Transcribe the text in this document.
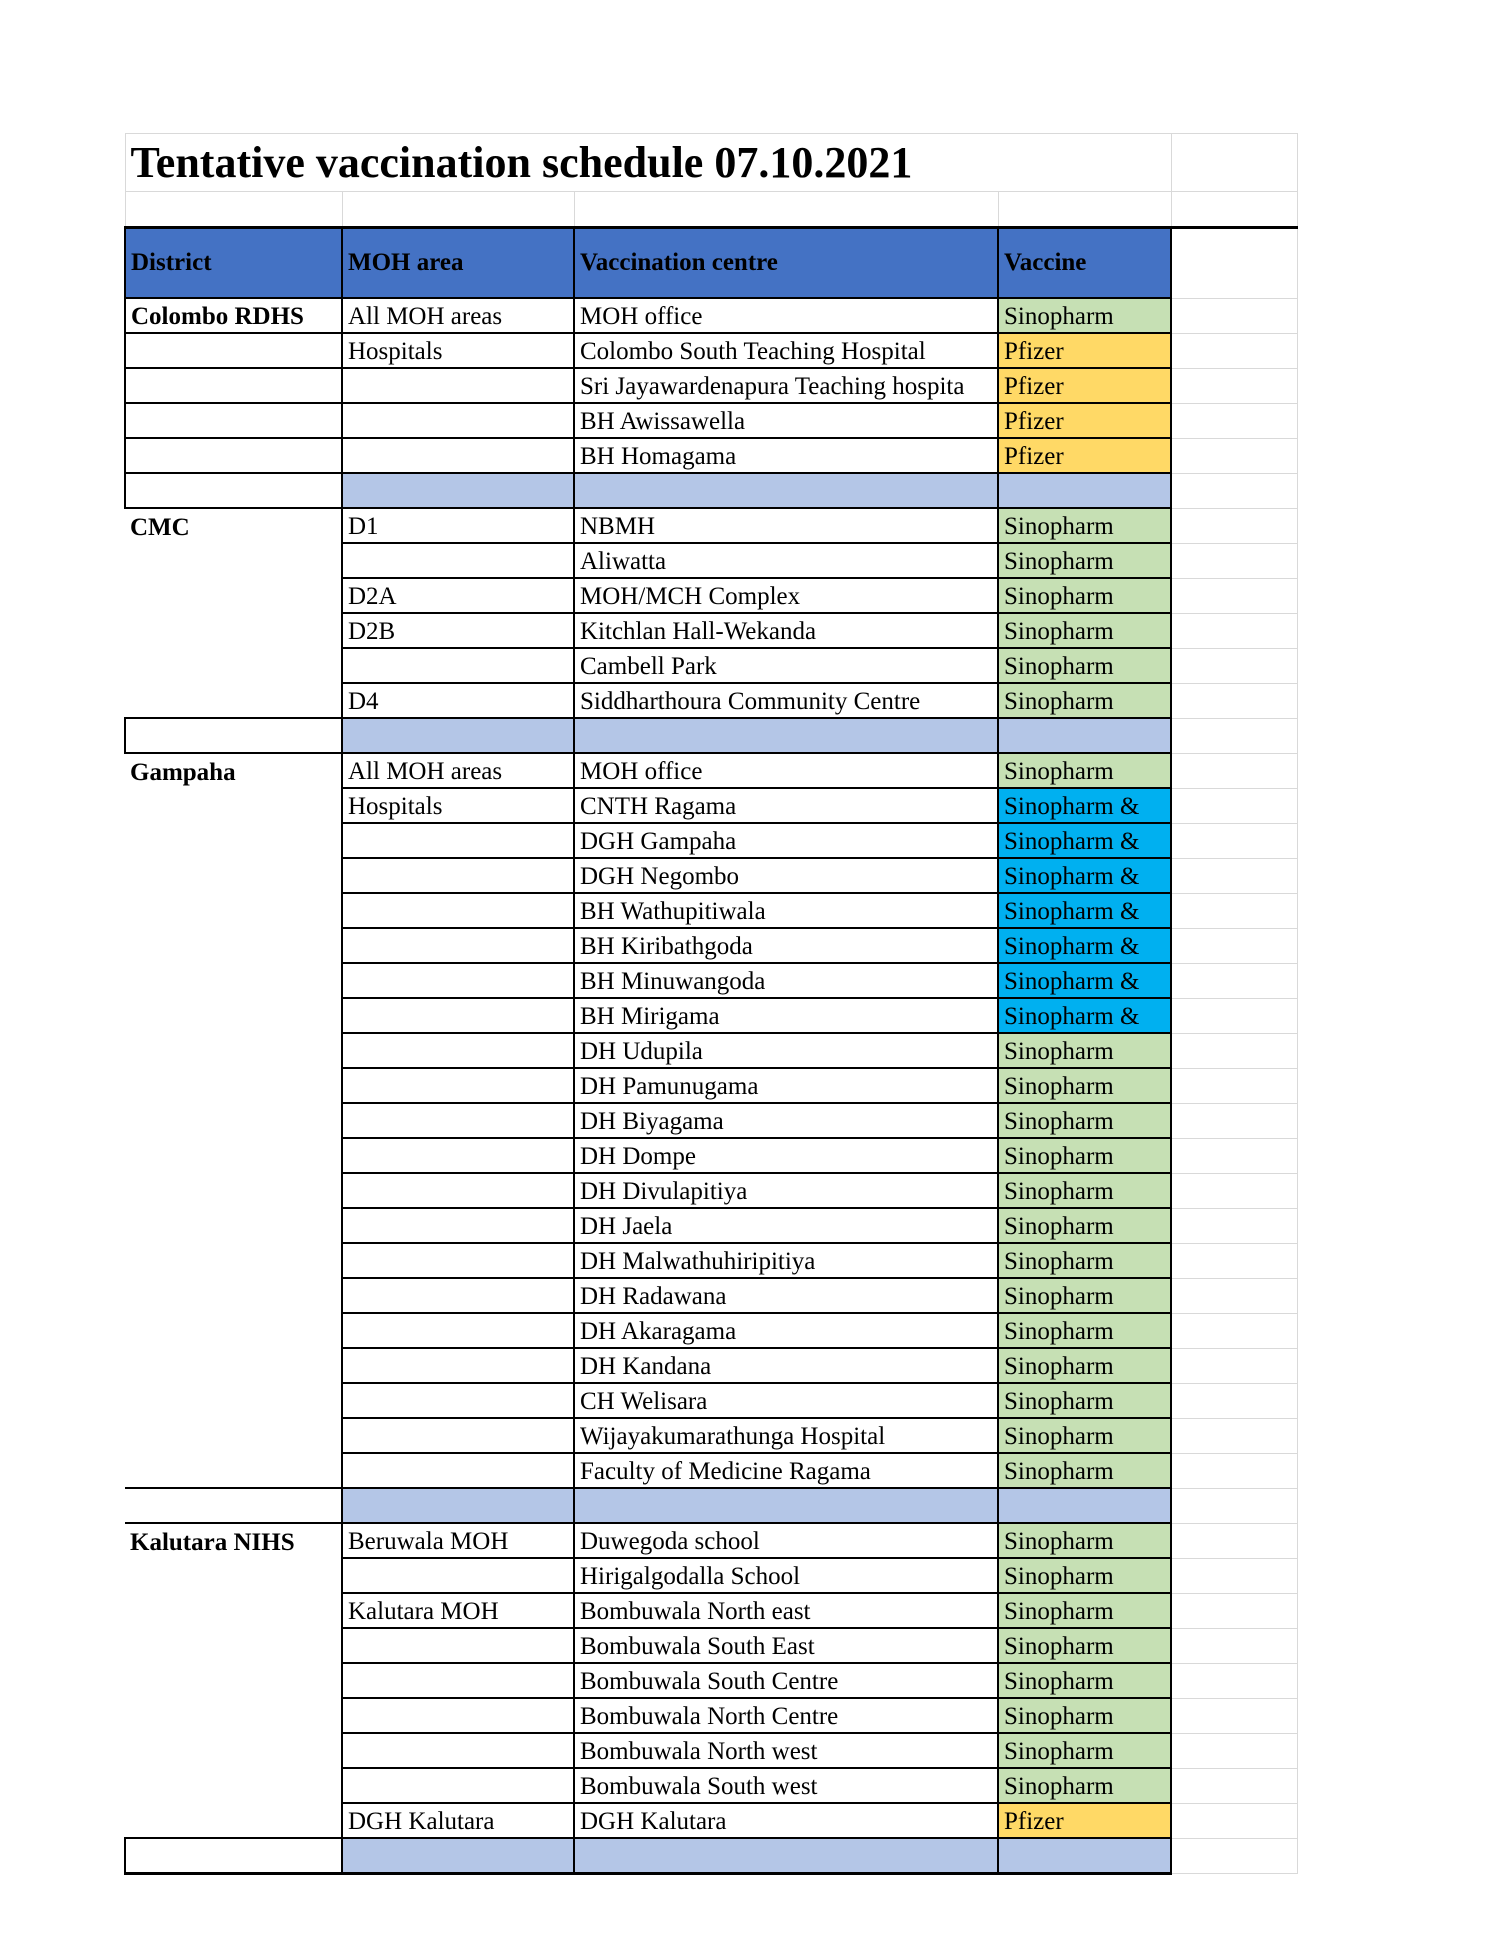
Tentative vaccination schedule 07.10.2021				

District	MOH area	Vaccination centre	Vaccine	
Colombo RDHS	All MOH areas	MOH office	Sinopharm	
	Hospitals	Colombo South Teaching Hospital	Pfizer	
		Sri Jayawardenapura Teaching hospita	Pfizer	
		BH Awissawella	Pfizer	
		BH Homagama	Pfizer	

CMC	D1	NBMH	Sinopharm	
		Aliwatta	Sinopharm	
	D2A	MOH/MCH Complex	Sinopharm	
	D2B	Kitchlan Hall-Wekanda	Sinopharm	
		Cambell Park	Sinopharm	
	D4	Siddharthoura Community Centre	Sinopharm	

Gampaha	All MOH areas	MOH office	Sinopharm	
	Hospitals	CNTH Ragama	Sinopharm &	
		DGH Gampaha	Sinopharm &	
		DGH Negombo	Sinopharm &	
		BH Wathupitiwala	Sinopharm &	
		BH Kiribathgoda	Sinopharm &	
		BH Minuwangoda	Sinopharm &	
		BH Mirigama	Sinopharm &	
		DH Udupila	Sinopharm	
		DH Pamunugama	Sinopharm	
		DH Biyagama	Sinopharm	
		DH Dompe	Sinopharm	
		DH Divulapitiya	Sinopharm	
		DH Jaela	Sinopharm	
		DH Malwathuhiripitiya	Sinopharm	
		DH Radawana	Sinopharm	
		DH Akaragama	Sinopharm	
		DH Kandana	Sinopharm	
		CH Welisara	Sinopharm	
		Wijayakumarathunga Hospital	Sinopharm	
		Faculty of Medicine Ragama	Sinopharm	

Kalutara NIHS	Beruwala MOH	Duwegoda school	Sinopharm	
		Hirigalgodalla School	Sinopharm	
	Kalutara MOH	Bombuwala North east	Sinopharm	
		Bombuwala South East	Sinopharm	
		Bombuwala South Centre	Sinopharm	
		Bombuwala North Centre	Sinopharm	
		Bombuwala North west	Sinopharm	
		Bombuwala South west	Sinopharm	
	DGH Kalutara	DGH Kalutara	Pfizer	
